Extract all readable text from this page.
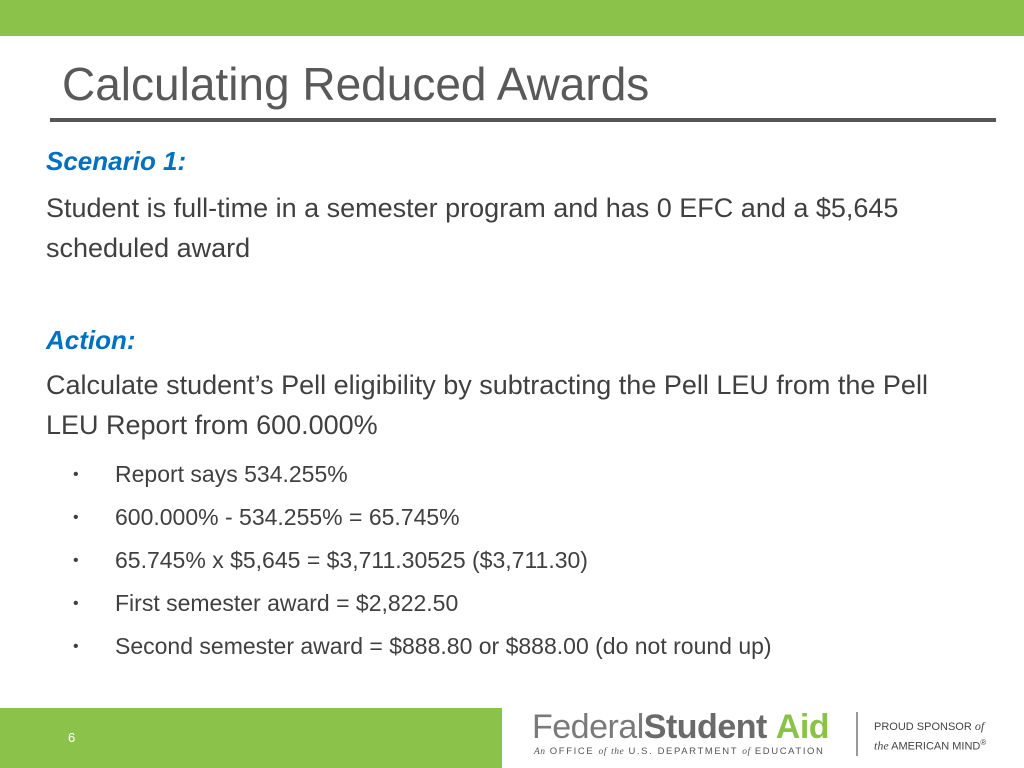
Calculating Reduced Awards

Scenario 1:

Student is full-time in a semester program and has 0 EFC and a $5,645 scheduled award

Action:

Calculate student’s Pell eligibility by subtracting the Pell LEU from the Pell LEU Report from 600.000%

• Report says 534.255%
• 600.000% - 534.255% = 65.745%
• 65.745% x $5,645 = $3,711.30525 ($3,711.30)
• First semester award = $2,822.50
• Second semester award = $888.80 or $888.00 (do not round up)
6	FederalStudent Aid
An OFFICE of the U.S. DEPARTMENT of EDUCATION
PROUD SPONSOR of
the AMERICAN MIND®
